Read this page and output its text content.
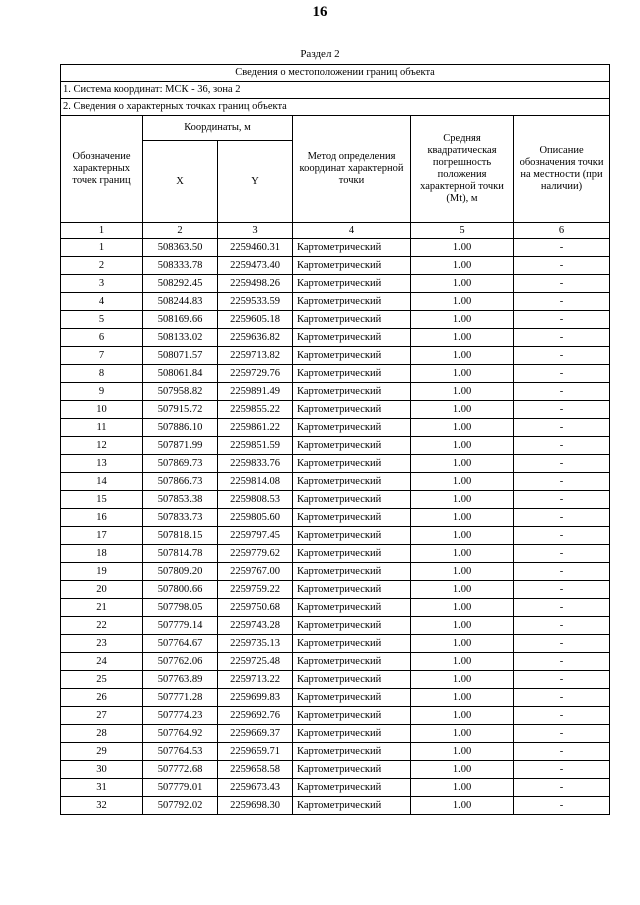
16
Раздел 2
Сведения о местоположении границ объекта					
1. Система координат: МСК - 36, зона 2					
2. Сведения о характерных точках границ объекта					
Обозначение характерных точек границ	Координаты, м		Метод определения координат характерной точки	Средняя квадратическая погрешность положения характерной точки (Mt), м	Описание обозначения точки на местности (при наличии)
	X	Y			
1	2	3	4	5	6
1	508363.50	2259460.31	Картометрический	1.00	-
2	508333.78	2259473.40	Картометрический	1.00	-
3	508292.45	2259498.26	Картометрический	1.00	-
4	508244.83	2259533.59	Картометрический	1.00	-
5	508169.66	2259605.18	Картометрический	1.00	-
6	508133.02	2259636.82	Картометрический	1.00	-
7	508071.57	2259713.82	Картометрический	1.00	-
8	508061.84	2259729.76	Картометрический	1.00	-
9	507958.82	2259891.49	Картометрический	1.00	-
10	507915.72	2259855.22	Картометрический	1.00	-
11	507886.10	2259861.22	Картометрический	1.00	-
12	507871.99	2259851.59	Картометрический	1.00	-
13	507869.73	2259833.76	Картометрический	1.00	-
14	507866.73	2259814.08	Картометрический	1.00	-
15	507853.38	2259808.53	Картометрический	1.00	-
16	507833.73	2259805.60	Картометрический	1.00	-
17	507818.15	2259797.45	Картометрический	1.00	-
18	507814.78	2259779.62	Картометрический	1.00	-
19	507809.20	2259767.00	Картометрический	1.00	-
20	507800.66	2259759.22	Картометрический	1.00	-
21	507798.05	2259750.68	Картометрический	1.00	-
22	507779.14	2259743.28	Картометрический	1.00	-
23	507764.67	2259735.13	Картометрический	1.00	-
24	507762.06	2259725.48	Картометрический	1.00	-
25	507763.89	2259713.22	Картометрический	1.00	-
26	507771.28	2259699.83	Картометрический	1.00	-
27	507774.23	2259692.76	Картометрический	1.00	-
28	507764.92	2259669.37	Картометрический	1.00	-
29	507764.53	2259659.71	Картометрический	1.00	-
30	507772.68	2259658.58	Картометрический	1.00	-
31	507779.01	2259673.43	Картометрический	1.00	-
32	507792.02	2259698.30	Картометрический	1.00	-
